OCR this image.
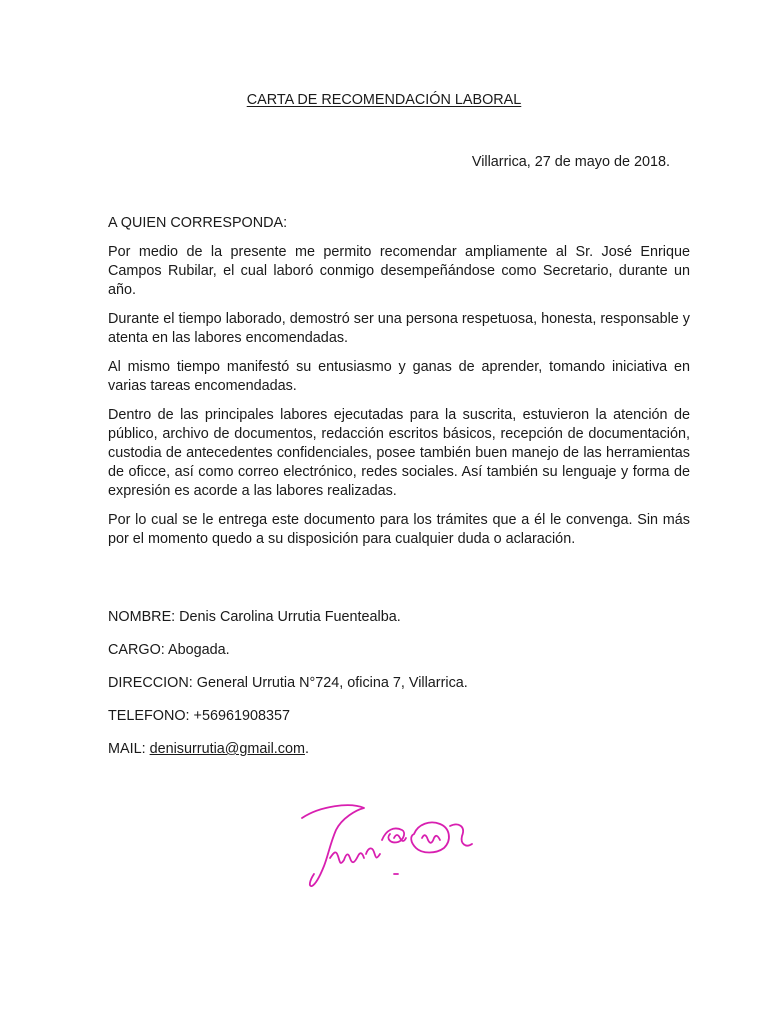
CARTA DE RECOMENDACIÓN LABORAL
Villarrica, 27 de mayo de 2018.

A QUIEN CORRESPONDA:

Por medio de la presente me permito recomendar ampliamente al Sr. José Enrique Campos Rubilar, el cual laboró conmigo desempeñándose como Secretario, durante un año.

Durante el tiempo laborado, demostró ser una persona respetuosa, honesta, responsable y atenta en las labores encomendadas.

Al mismo tiempo manifestó su entusiasmo y ganas de aprender, tomando iniciativa en varias tareas encomendadas.

Dentro de las principales labores ejecutadas para la suscrita, estuvieron la atención de público, archivo de documentos, redacción escritos básicos, recepción de documentación, custodia de antecedentes confidenciales, posee también buen manejo de las herramientas de oficce, así como correo electrónico, redes sociales. Así también su lenguaje y forma de expresión es acorde a las labores realizadas.

Por lo cual se le entrega este documento para los trámites que a él le convenga. Sin más por el momento quedo a su disposición para cualquier duda o aclaración.

NOMBRE: Denis Carolina Urrutia Fuentealba.
CARGO: Abogada.
DIRECCION: General Urrutia N°724, oficina 7, Villarrica.
TELEFONO: +56961908357
MAIL: denisurrutia@gmail.com.
